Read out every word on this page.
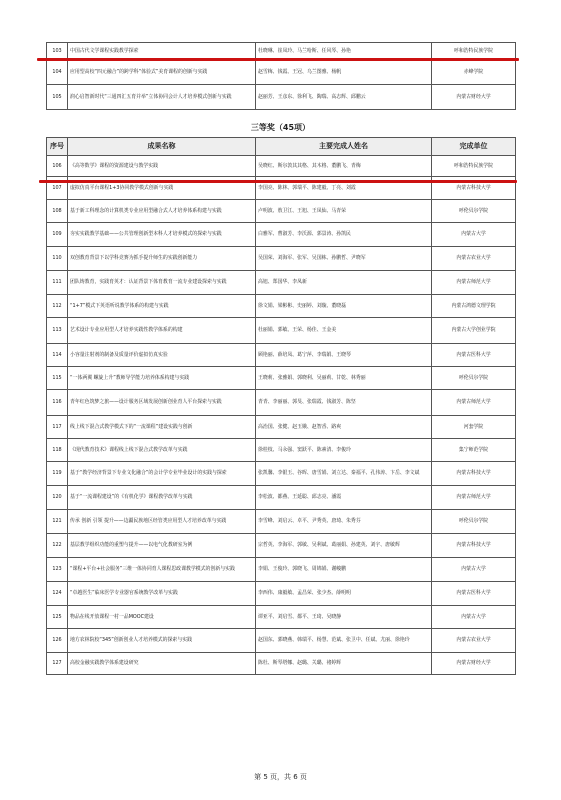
103	中国古代文学课程实践教学探索	杜晓琳、崔凤玲、马兰哈斯、任风琴、孙艳	呼和浩特民族学院
104	应用型高校“四元融合”的跨学科“体验式”美育课程的创新与实践	赵雪梅、钱霞、王冠、乌兰图雅、杨帆	赤峰学院
105	润心启智新时代“三通四汇五育并举”立体协同会计人才培养模式创新与实践	赵丽芳、王彦东、徐利飞、陶瑞、高志辉、邱鹏云	内蒙古财经大学
三等奖（45项）
序号	成果名称	主要完成人姓名	完成单位
106	《高等数学》课程的资源建设与教学实践	吴晓红、斯尔敦其其格、其木格、董鹏飞、青梅	呼和浩特民族学院
107	虚拟仿真平台课程1+3协同教学模式创新与实践	李国亮、陈林、郭瑞平、陈建毅、丁亮、刘霞	内蒙古科技大学
108	基于新工科理念的计算机类专业应用型融合式人才培养体系构建与实践	卢明波、敖卫江、王旭、王凤仙、马青荣	呼伦贝尔学院
109	夯实实践教学基础——公共管理创新型本科人才培养模式的探索与实践	白雅军、曹淑芳、李沃源、郭景涛、孙凯民	内蒙古大学
110	双创教育背景下以学科竞赛为抓手提升师生的实践创新能力	吴国荣、刘海军、张军、吴国栋、孙鹏哲、尹晓军	内蒙古农业大学
111	团队铸教育，实践育英才：认证背景下体育教育一流专业建设探索与实践	高旭、郑国华、李凤新	内蒙古师范大学
112	“1+7”模式下英语听说教学体系的构建与实践	徐文娟、梁彬彬、史丽婷、刘璇、董晓磊	内蒙古鸿德文理学院
113	艺术设计专业应用型人才培养实践性教学体系的构建	杜丽娟、郭敏、王荣、杨佳、王金美	内蒙古大学创业学院
114	小容量注射剂的制备及质量评价虚拟仿真实验	顾艳丽、薛培凤、葛宁萍、李瑞娟、王晓琴	内蒙古医科大学
115	“一体两翼 螺旋上升”教师导学能力培养体系构建与实践	王晓莉、张雅娟、郭晓利、吴丽莉、甘乾、林秀丽	呼伦贝尔学院
116	青年红色筑梦之旅——设计服务区域发展创新创业育人平台探索与实践	青青、李丽丽、郭旻、张瑞霞、钱淑芳、陈坚	内蒙古师范大学
117	线上线下混合式教学模式下的“一流课程”建设实践与创新	高治国、张健、赵玉娥、赵智香、路爽	河套学院
118	《现代教育技术》课程线上线下混合式教学改革与实践	徐桂枝、马永强、窦跃平、陈素清、李俊玲	集宁师范学院
119	基于“教学经济背景下专业文化融合”的会计学专业毕业设计的实践与探索	张凯馨、李银玉、谷晖、唐雪娟、刘立达、秦福平、孔伟涛、卞岳、李文斌	内蒙古科技大学
120	基于“一流课程建设”的《有机化学》课程教学改革与实践	李松波、都燕、王延聪、邱志亮、潘霞	内蒙古师范大学
121	传承 创新 引领 提升——边疆民族地区经管类应用型人才培养改革与实践	李雪峰、刘启云、卓平、尹秀英、唐琦、朱秀芬	呼伦贝尔学院
122	基层教学组织功能的重塑与提升——以电气化教研室为例	宗哲英、李海军、郭敏、吴利斌、葛丽娟、孙建英、刘宇、唐敏辉	内蒙古科技大学
123	“课程+平台+社会服务”三维一体协同育人课程思政课教学模式的创新与实践	李娟、王俊玲、郭晓飞、周锦娟、谢峻鹏	内蒙古大学
124	“卓越医生”临床医学专业器官系统教学改革与实践	李西伟、康毅敏、孟昌荣、张少杰、薛明明	内蒙古医科大学
125	物品在线开放课程一村一品MOOC建设	谭亚平、刘启雪、都平、王琦、吴晓静	内蒙古大学
126	地方农林院校“345”创新创业人才培养模式的探索与实践	赵国东、郭晓燕、韩瑞平、杨慧、范斌、张卫中、任斌、尤丽、徐艳玲	内蒙古农业大学
127	高校金融实践教学体系建设研究	陈杜、斯琴塔娜、赵璐、关璐、褚婷辉	内蒙古财经大学
第 5 页，共 6 页
